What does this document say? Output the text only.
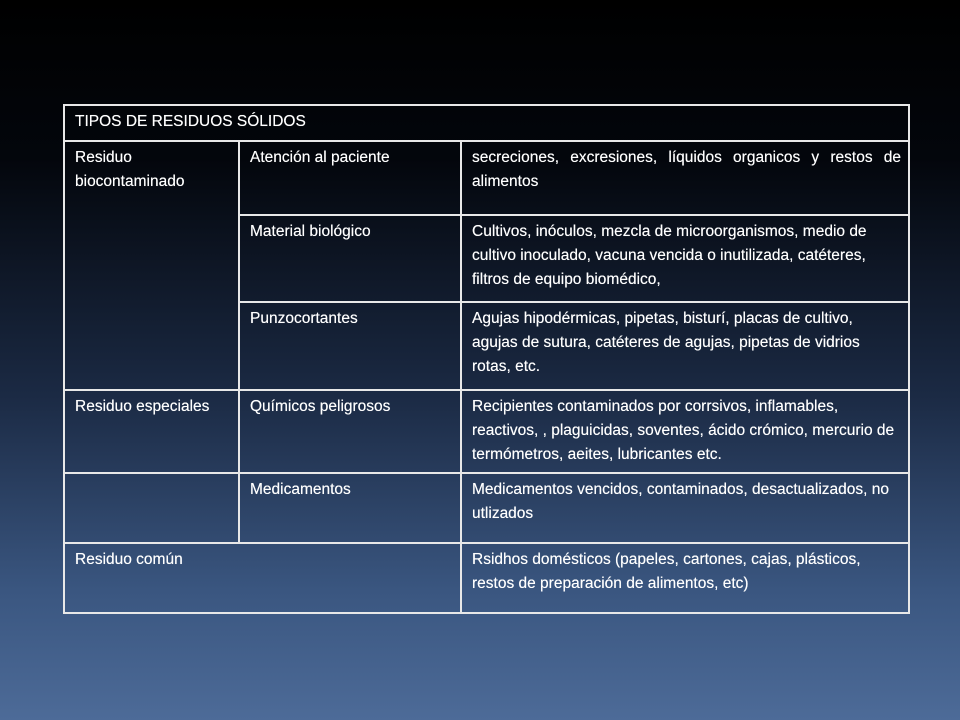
TIPOS DE RESIDUOS SÓLIDOS		
Residuo biocontaminado	Atención al paciente	secreciones, excresiones, líquidos organicos y restos de alimentos
	Material biológico	Cultivos, inóculos, mezcla de microorganismos, medio de cultivo inoculado, vacuna vencida o inutilizada, catéteres, filtros de equipo biomédico,
	Punzocortantes	Agujas hipodérmicas, pipetas, bisturí, placas de cultivo, agujas de sutura, catéteres de agujas, pipetas de vidrios rotas, etc.
Residuo especiales	Químicos peligrosos	Recipientes contaminados por corrsivos, inflamables, reactivos, , plaguicidas, soventes, ácido crómico, mercurio de termómetros, aeites, lubricantes etc.
	Medicamentos	Medicamentos vencidos, contaminados, desactualizados, no utlizados
Residuo común		Rsidhos domésticos (papeles, cartones, cajas, plásticos, restos de preparación de alimentos, etc)
